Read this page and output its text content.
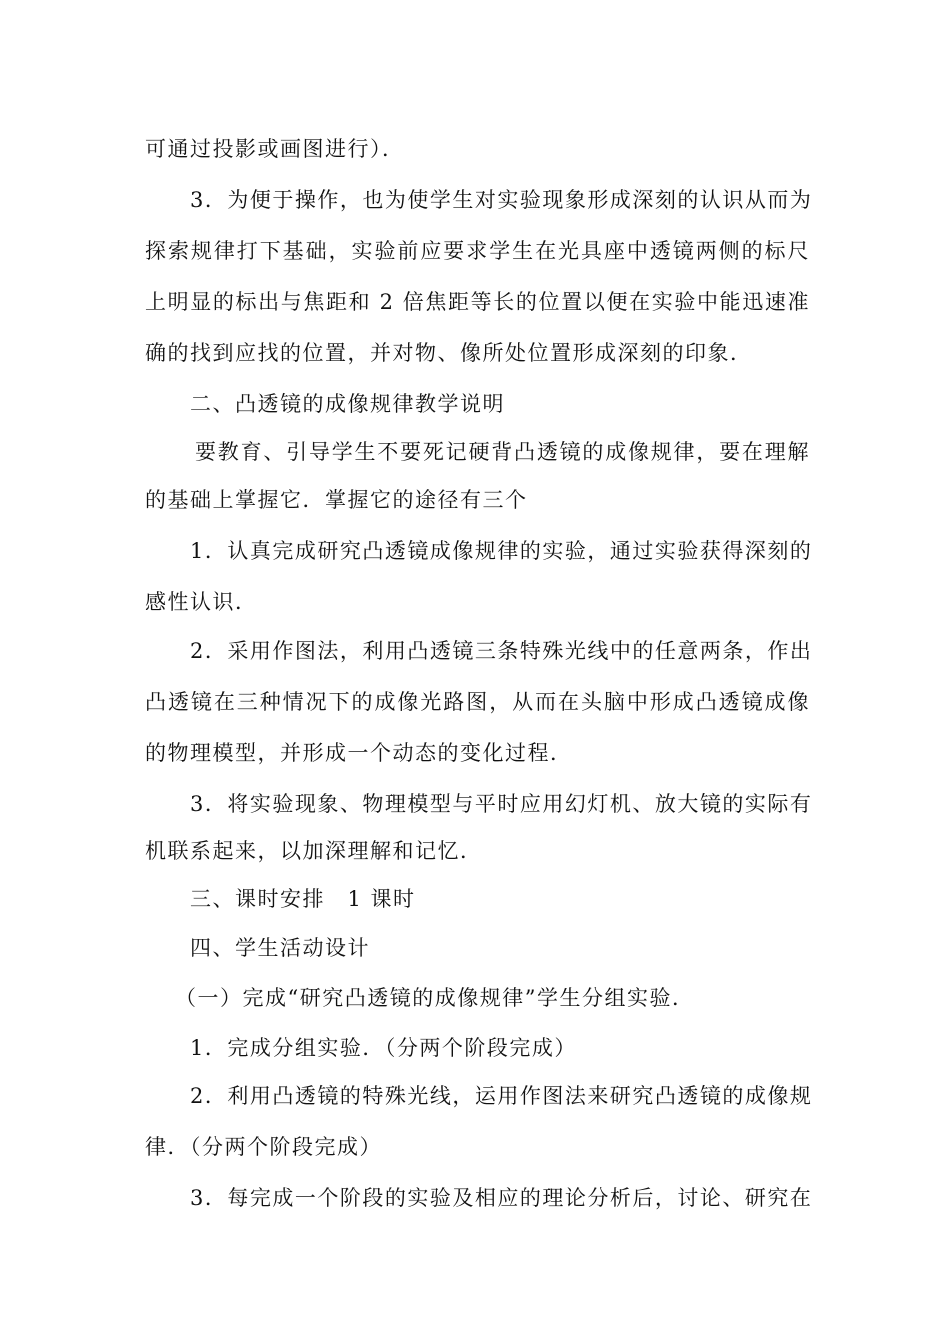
可通过投影或画图进行）．
3．为便于操作，也为使学生对实验现象形成深刻的认识从而为
探索规律打下基础，实验前应要求学生在光具座中透镜两侧的标尺
上明显的标出与焦距和 2 倍焦距等长的位置以便在实验中能迅速准
确的找到应找的位置，并对物、像所处位置形成深刻的印象．
二、凸透镜的成像规律教学说明
要教育、引导学生不要死记硬背凸透镜的成像规律，要在理解
的基础上掌握它．掌握它的途径有三个
1．认真完成研究凸透镜成像规律的实验，通过实验获得深刻的
感性认识．
2．采用作图法，利用凸透镜三条特殊光线中的任意两条，作出
凸透镜在三种情况下的成像光路图，从而在头脑中形成凸透镜成像
的物理模型，并形成一个动态的变化过程．
3．将实验现象、物理模型与平时应用幻灯机、放大镜的实际有
机联系起来，以加深理解和记忆．
三、课时安排　1 课时
四、学生活动设计
（一）完成“研究凸透镜的成像规律”学生分组实验．
1．完成分组实验．（分两个阶段完成）
2．利用凸透镜的特殊光线，运用作图法来研究凸透镜的成像规
律．（分两个阶段完成）
3．每完成一个阶段的实验及相应的理论分析后，讨论、研究在
